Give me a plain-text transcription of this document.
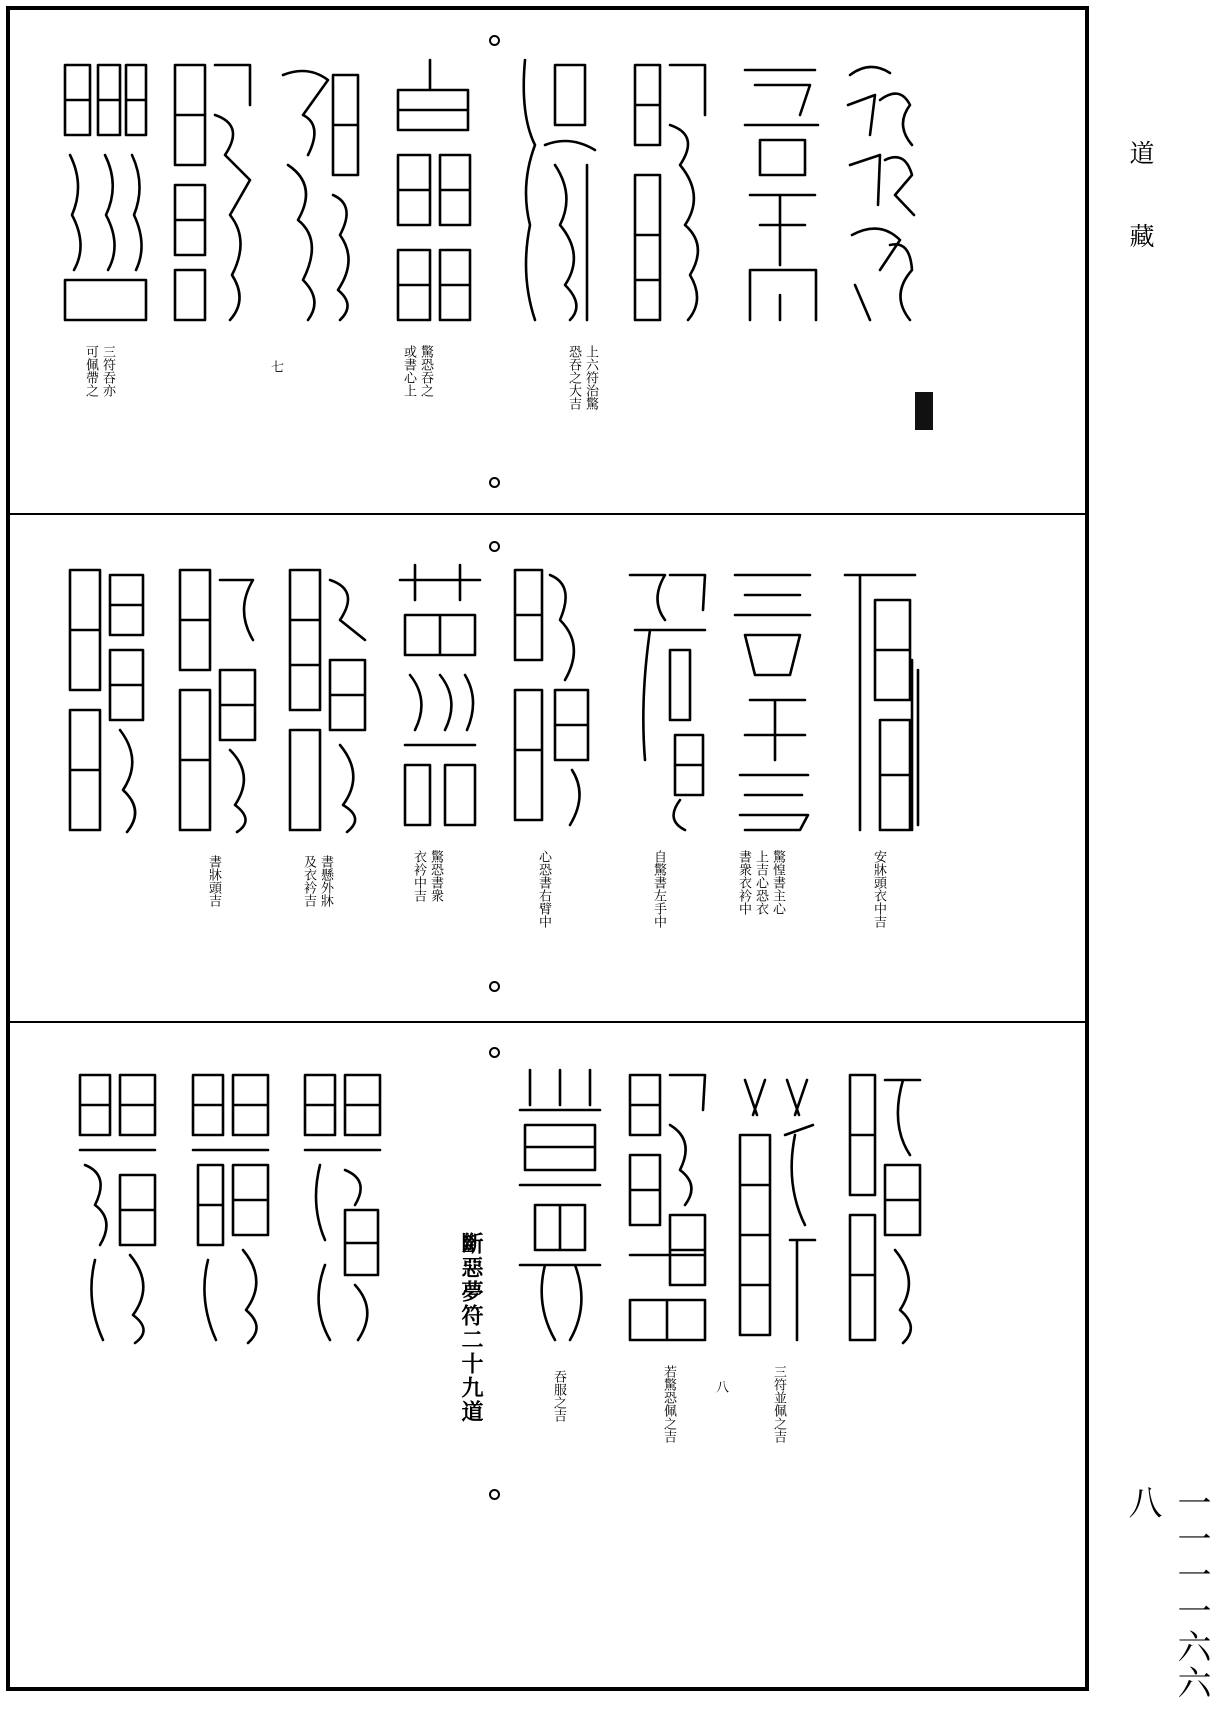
道藏
一一一一六六八
上六符治驚
恐吞之大吉
驚恐吞之
或書心上
七
三符吞亦
可佩帶之
安牀頭衣中吉
驚惶書主心
上吉心恐衣
書衆衣衿中
自驚書左手中
心恐書右臂中
驚恐書衆
衣衿中吉
書懸外牀
及衣衿吉
書牀頭吉
三符並佩之吉
八
若驚恐佩之吉
吞服之吉
斷惡夢符二十九道
